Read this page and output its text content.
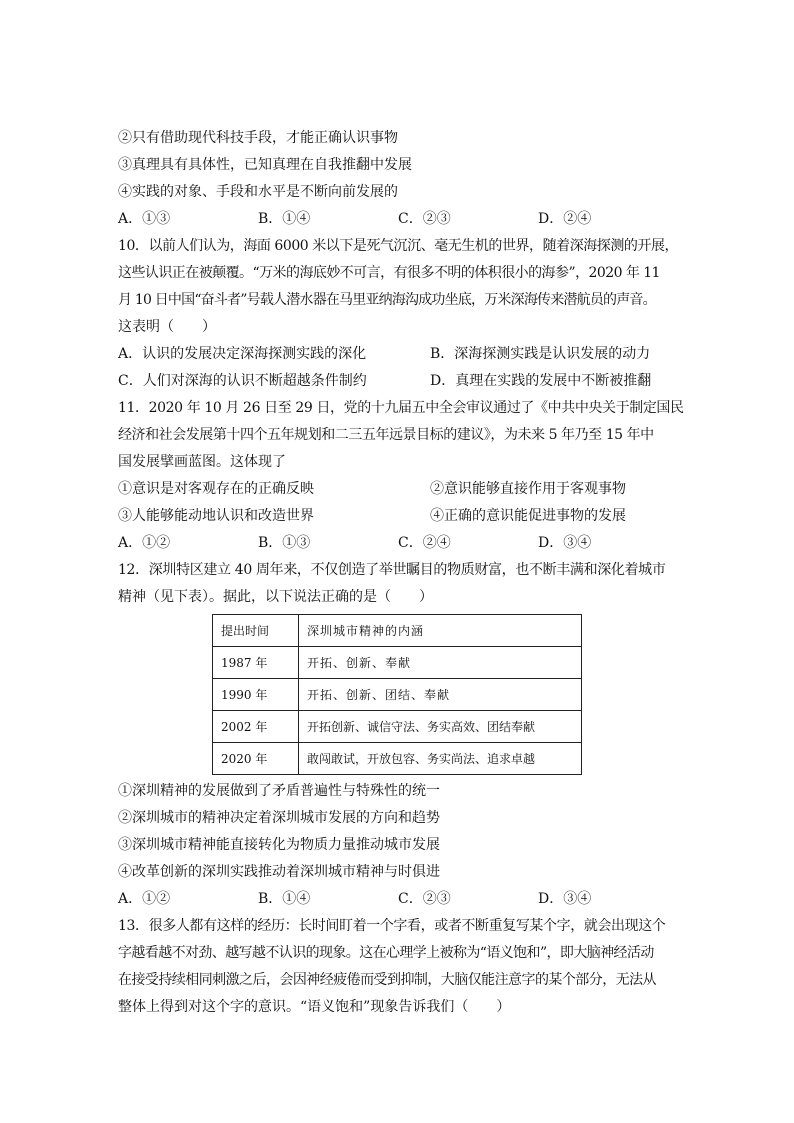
②只有借助现代科技手段，才能正确认识事物
③真理具有具体性，已知真理在自我推翻中发展
④实践的对象、手段和水平是不断向前发展的
A．①③	B．①④	C．②③	D．②④
10．以前人们认为，海面 6000 米以下是死气沉沉、毫无生机的世界，随着深海探测的开展，
这些认识正在被颠覆。“万米的海底妙不可言，有很多不明的体积很小的海参”，2020 年 11
月 10 日中国“奋斗者”号载人潜水器在马里亚纳海沟成功坐底，万米深海传来潜航员的声音。
这表明（　　）
A．认识的发展决定深海探测实践的深化	B．深海探测实践是认识发展的动力
C．人们对深海的认识不断超越条件制约	D．真理在实践的发展中不断被推翻
11．2020 年 10 月 26 日至 29 日，党的十九届五中全会审议通过了《中共中央关于制定国民
经济和社会发展第十四个五年规划和二三五年远景目标的建议》，为未来 5 年乃至 15 年中
国发展擘画蓝图。这体现了
①意识是对客观存在的正确反映	②意识能够直接作用于客观事物
③人能够能动地认识和改造世界	④正确的意识能促进事物的发展
A．①②	B．①③	C．②④	D．③④
12．深圳特区建立 40 周年来，不仅创造了举世瞩目的物质财富，也不断丰满和深化着城市
精神（见下表）。据此，以下说法正确的是（　　）
提出时间	深圳城市精神的内涵
1987 年	开拓、创新、奉献
1990 年	开拓、创新、团结、奉献
2002 年	开拓创新、诚信守法、务实高效、团结奉献
2020 年	敢闯敢试，开放包容、务实尚法、追求卓越
①深圳精神的发展做到了矛盾普遍性与特殊性的统一
②深圳城市的精神决定着深圳城市发展的方向和趋势
③深圳城市精神能直接转化为物质力量推动城市发展
④改革创新的深圳实践推动着深圳城市精神与时俱进
A．①②	B．①④	C．②③	D．③④
13．很多人都有这样的经历：长时间盯着一个字看，或者不断重复写某个字，就会出现这个
字越看越不对劲、越写越不认识的现象。这在心理学上被称为“语义饱和”，即大脑神经活动
在接受持续相同刺激之后，会因神经疲倦而受到抑制，大脑仅能注意字的某个部分，无法从
整体上得到对这个字的意识。“语义饱和”现象告诉我们（　　）
